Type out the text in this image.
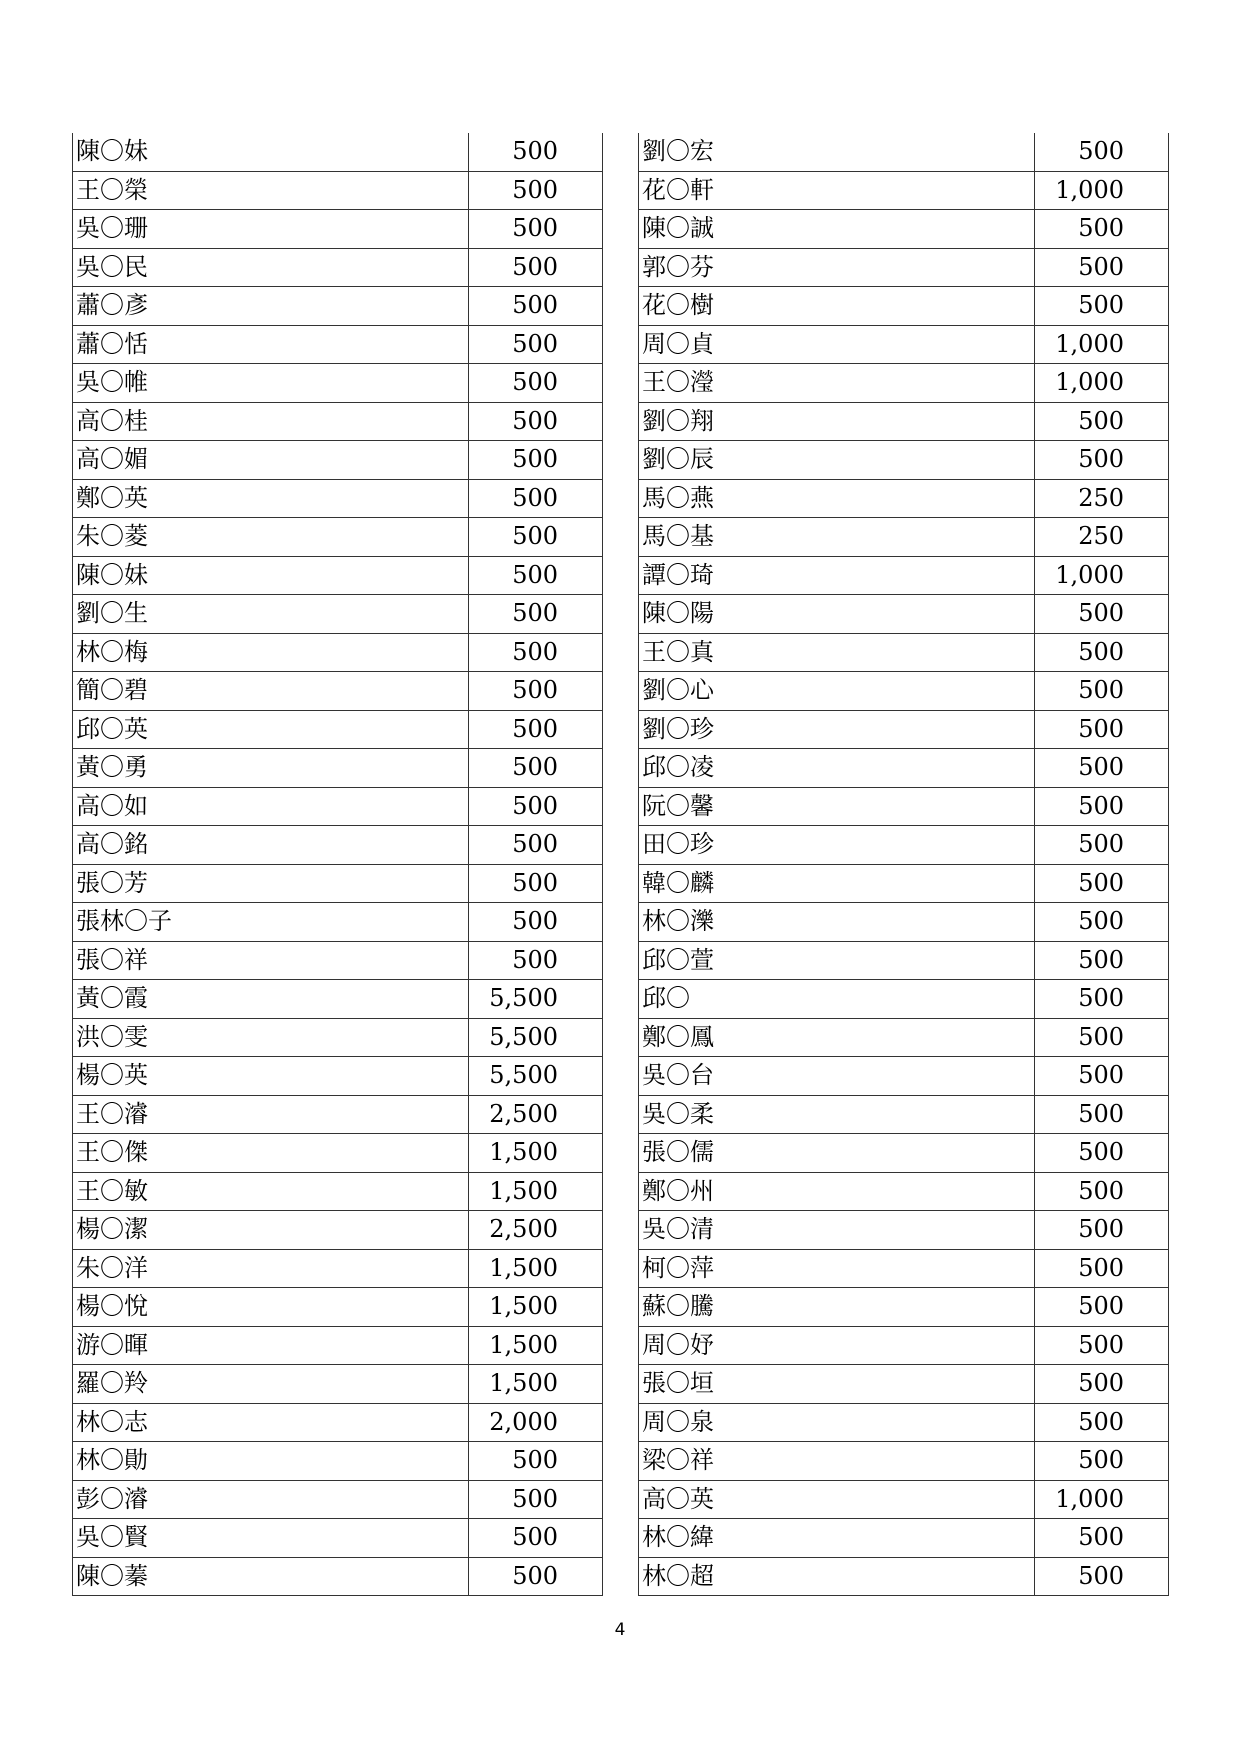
陳〇妹	500
王〇榮	500
吳〇珊	500
吳〇民	500
蕭〇彥	500
蕭〇恬	500
吳〇帷	500
高〇桂	500
高〇媚	500
鄭〇英	500
朱〇菱	500
陳〇妹	500
劉〇生	500
林〇梅	500
簡〇碧	500
邱〇英	500
黃〇勇	500
高〇如	500
高〇銘	500
張〇芳	500
張林〇子	500
張〇祥	500
黃〇霞	5,500
洪〇雯	5,500
楊〇英	5,500
王〇濬	2,500
王〇傑	1,500
王〇敏	1,500
楊〇潔	2,500
朱〇洋	1,500
楊〇悅	1,500
游〇暉	1,500
羅〇羚	1,500
林〇志	2,000
林〇勛	500
彭〇濬	500
吳〇賢	500
陳〇蓁	500
劉〇宏	500
花〇軒	1,000
陳〇誠	500
郭〇芬	500
花〇樹	500
周〇貞	1,000
王〇瀅	1,000
劉〇翔	500
劉〇辰	500
馬〇燕	250
馬〇基	250
譚〇琦	1,000
陳〇陽	500
王〇真	500
劉〇心	500
劉〇珍	500
邱〇凌	500
阮〇馨	500
田〇珍	500
韓〇麟	500
林〇濼	500
邱〇萱	500
邱〇	500
鄭〇鳳	500
吳〇台	500
吳〇柔	500
張〇儒	500
鄭〇州	500
吳〇清	500
柯〇萍	500
蘇〇騰	500
周〇妤	500
張〇垣	500
周〇泉	500
梁〇祥	500
高〇英	1,000
林〇緯	500
林〇超	500
4
